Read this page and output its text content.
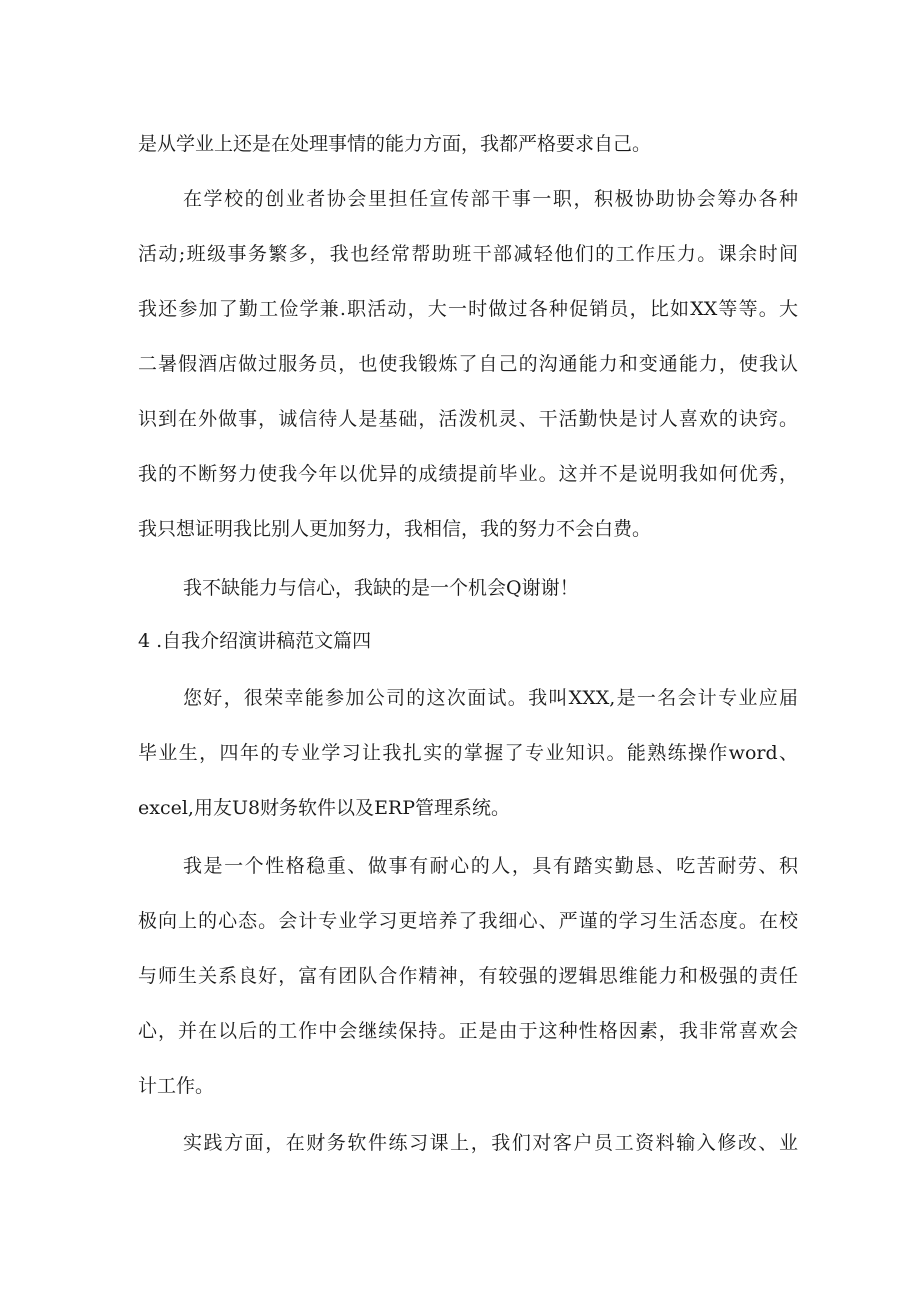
是从学业上还是在处理事情的能力方面，我都严格要求自己。
在学校的创业者协会里担任宣传部干事一职，积极协助协会筹办各种
活动;班级事务繁多，我也经常帮助班干部减轻他们的工作压力。课余时间
我还参加了勤工俭学兼.职活动，大一时做过各种促销员，比如XX等等。大
二暑假酒店做过服务员，也使我锻炼了自己的沟通能力和变通能力，使我认
识到在外做事，诚信待人是基础，活泼机灵、干活勤快是讨人喜欢的诀窍。
我的不断努力使我今年以优异的成绩提前毕业。这并不是说明我如何优秀，
我只想证明我比别人更加努力，我相信，我的努力不会白费。
我不缺能力与信心，我缺的是一个机会Q谢谢！
4 .自我介绍演讲稿范文篇四
您好，很荣幸能参加公司的这次面试。我叫XXX,是一名会计专业应届
毕业生，四年的专业学习让我扎实的掌握了专业知识。能熟练操作word、
excel,用友U8财务软件以及ERP管理系统。
我是一个性格稳重、做事有耐心的人，具有踏实勤恳、吃苦耐劳、积
极向上的心态。会计专业学习更培养了我细心、严谨的学习生活态度。在校
与师生关系良好，富有团队合作精神，有较强的逻辑思维能力和极强的责任
心，并在以后的工作中会继续保持。正是由于这种性格因素，我非常喜欢会
计工作。
实践方面，在财务软件练习课上，我们对客户员工资料输入修改、业
